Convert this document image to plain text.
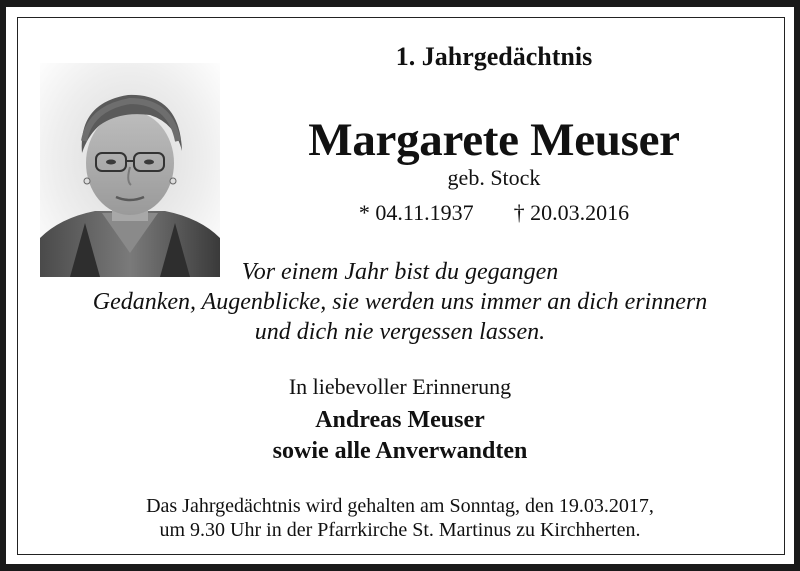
1. Jahrgedächtnis
Margarete Meuser
geb. Stock
* 04.11.1937 † 20.03.2016
Vor einem Jahr bist du gegangen
Gedanken, Augenblicke, sie werden uns immer an dich erinnern
und dich nie vergessen lassen.
In liebevoller Erinnerung
Andreas Meuser
sowie alle Anverwandten
Das Jahrgedächtnis wird gehalten am Sonntag, den 19.03.2017,
um 9.30 Uhr in der Pfarrkirche St. Martinus zu Kirchherten.
